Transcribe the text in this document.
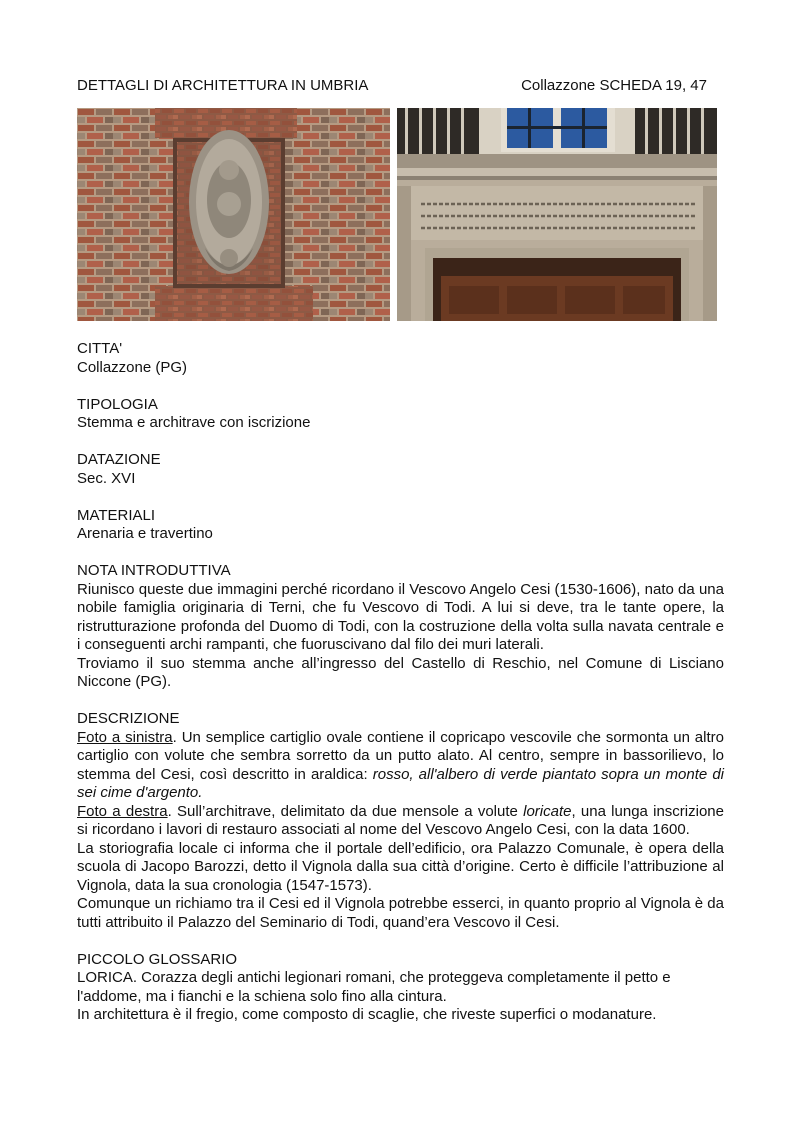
DETTAGLI DI ARCHITETTURA IN UMBRIA	Collazzone SCHEDA 19, 47

CITTA'

Collazzone (PG)

TIPOLOGIA

Stemma e architrave con iscrizione

DATAZIONE

Sec. XVI

MATERIALI

Arenaria e travertino

NOTA INTRODUTTIVA

Riunisco queste due immagini perché ricordano il Vescovo Angelo Cesi (1530-1606), nato da una nobile famiglia originaria di Terni, che fu Vescovo di Todi. A lui si deve, tra le tante opere, la ristrutturazione profonda del Duomo di Todi, con la costruzione della volta sulla navata centrale e i conseguenti archi rampanti, che fuoruscivano dal filo dei muri laterali.

Troviamo il suo stemma anche all’ingresso del Castello di Reschio, nel Comune di Lisciano Niccone (PG).

DESCRIZIONE

Foto a sinistra. Un semplice cartiglio ovale contiene il copricapo vescovile che sormonta un altro cartiglio con volute che sembra sorretto da un putto alato. Al centro, sempre in bassorilievo, lo stemma del Cesi, così descritto in araldica: rosso, all'albero di verde piantato sopra un monte di sei cime d'argento.

Foto a destra. Sull’architrave, delimitato da due mensole a volute loricate, una lunga inscrizione si ricordano i lavori di restauro associati al nome del Vescovo Angelo Cesi, con la data 1600.

La storiografia locale ci informa che il portale dell’edificio, ora Palazzo Comunale, è opera della scuola di Jacopo Barozzi, detto il Vignola dalla sua città d’origine. Certo è difficile l’attribuzione al Vignola, data la sua cronologia (1547-1573).

Comunque un richiamo tra il Cesi ed il Vignola potrebbe esserci, in quanto proprio al Vignola è da tutti attribuito il Palazzo del Seminario di Todi, quand’era Vescovo il Cesi.

PICCOLO GLOSSARIO

LORICA. Corazza degli antichi legionari romani, che proteggeva completamente il petto e l'addome, ma i fianchi e la schiena solo fino alla cintura.

In architettura è il fregio, come composto di scaglie, che riveste superfici o modanature.
